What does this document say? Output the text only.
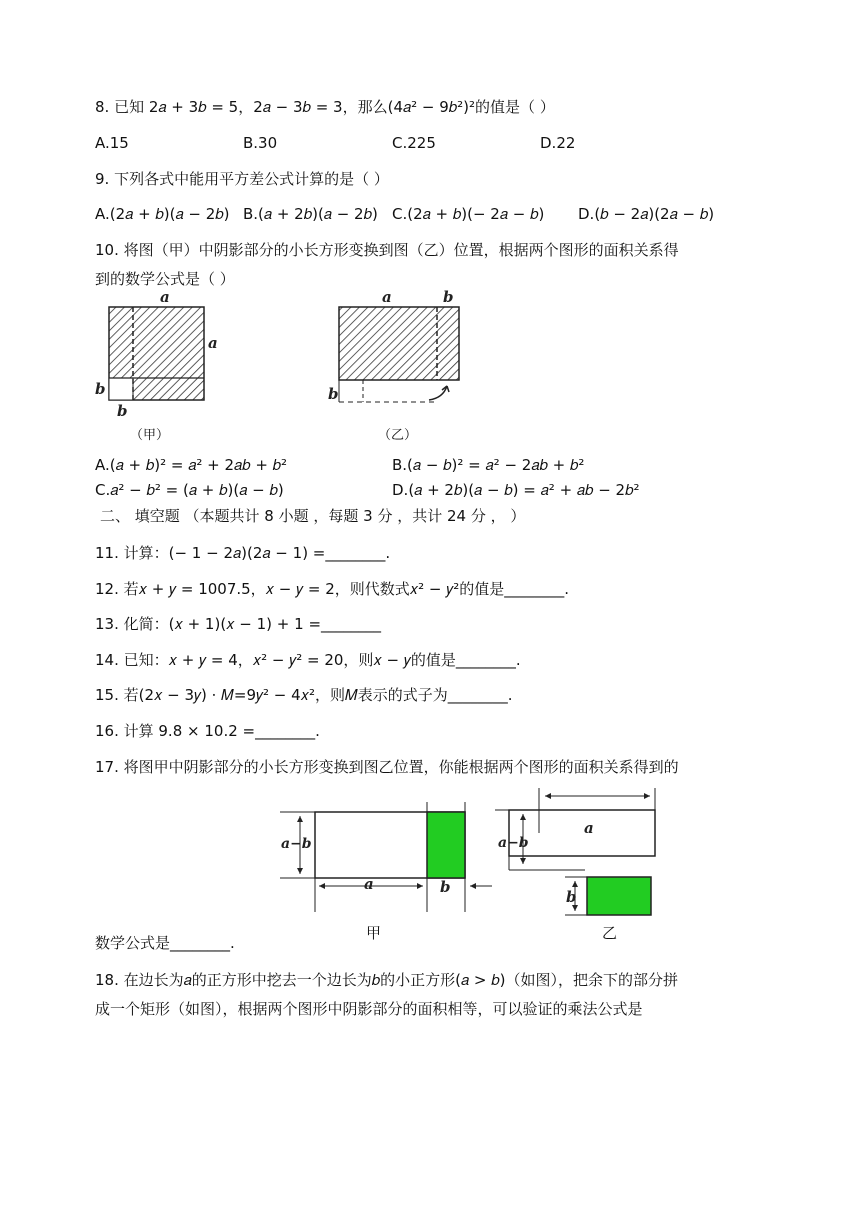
8. 已知 2𝑎 + 3𝑏 = 5，2𝑎 − 3𝑏 = 3，那么(4𝑎² − 9𝑏²)²的值是（ ）
A.15	B.30	C.225	D.22
9. 下列各式中能用平方差公式计算的是（ ）
A.(2𝑎 + 𝑏)(𝑎 − 2𝑏) B.(𝑎 + 2𝑏)(𝑎 − 2𝑏) C.(2𝑎 + 𝑏)(− 2𝑎 − 𝑏) D.(𝑏 − 2𝑎)(2𝑎 − 𝑏)
10. 将图（甲）中阴影部分的小长方形变换到图（乙）位置，根据两个图形的面积关系得
到的数学公式是（ ）
a
a
b
b
（甲）
a	b
b
（乙）
A.(𝑎 + 𝑏)² = 𝑎² + 2𝑎𝑏 + 𝑏²	B.(𝑎 − 𝑏)² = 𝑎² − 2𝑎𝑏 + 𝑏²
C.𝑎² − 𝑏² = (𝑎 + 𝑏)(𝑎 − 𝑏)	D.(𝑎 + 2𝑏)(𝑎 − 𝑏) = 𝑎² + 𝑎𝑏 − 2𝑏²
二、 填空题 （本题共计 8 小题 ，每题 3 分 ，共计 24 分 ， ）
11. 计算：(− 1 − 2𝑎)(2𝑎 − 1) =________.
12. 若𝑥 + 𝑦 = 1007.5，𝑥 − 𝑦 = 2，则代数式𝑥² − 𝑦²的值是________.
13. 化简：(𝑥 + 1)(𝑥 − 1) + 1 =________
14. 已知：𝑥 + 𝑦 = 4，𝑥² − 𝑦² = 20，则𝑥 − 𝑦的值是________.
15. 若(2𝑥 − 3𝑦) ⋅ 𝑀=9𝑦² − 4𝑥²，则𝑀表示的式子为________.
16. 计算 9.8 × 10.2 =________.
17. 将图甲中阴影部分的小长方形变换到图乙位置，你能根据两个图形的面积关系得到的
a−b
a	b
甲
a
a−b
b
乙
数学公式是________.
18. 在边长为𝑎的正方形中挖去一个边长为𝑏的小正方形(𝑎 > 𝑏)（如图），把余下的部分拼
成一个矩形（如图），根据两个图形中阴影部分的面积相等，可以验证的乘法公式是
